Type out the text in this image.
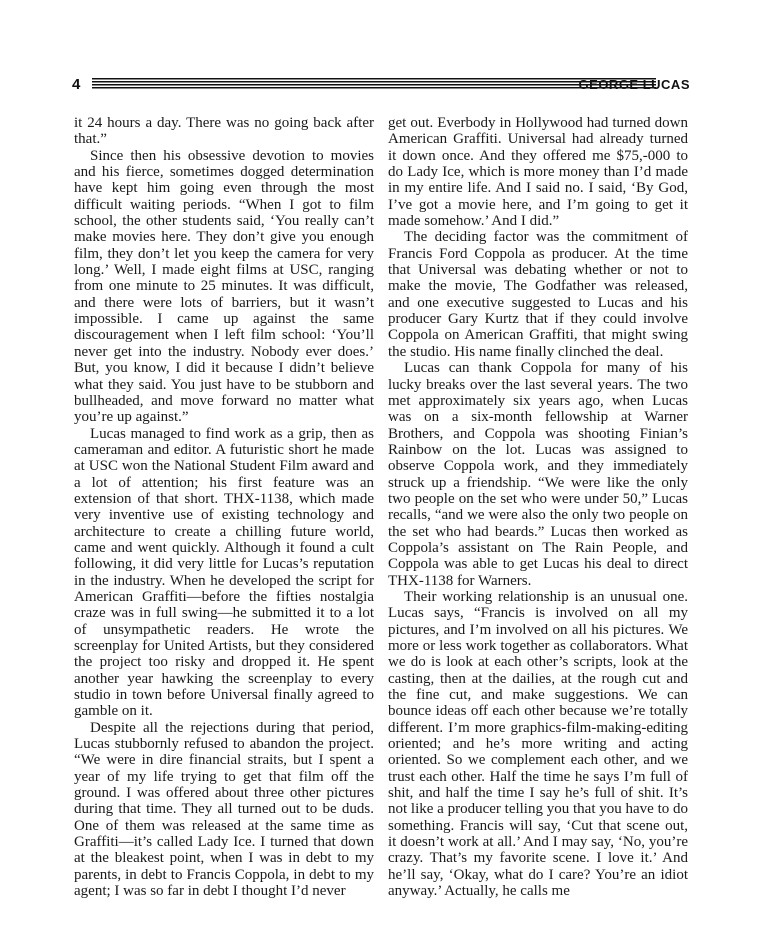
4	GEORGE LUCAS

it 24 hours a day. There was no going back after that.”

Since then his obsessive devotion to movies and his fierce, sometimes dogged determination have kept him going even through the most difficult waiting periods. “When I got to film school, the other students said, ‘You really can’t make movies here. They don’t give you enough film, they don’t let you keep the camera for very long.’ Well, I made eight films at USC, ranging from one minute to 25 minutes. It was difficult, and there were lots of barriers, but it wasn’t impossible. I came up against the same discouragement when I left film school: ‘You’ll never get into the industry. Nobody ever does.’ But, you know, I did it because I didn’t believe what they said. You just have to be stubborn and bullheaded, and move forward no matter what you’re up against.”

Lucas managed to find work as a grip, then as cameraman and editor. A futuristic short he made at USC won the National Student Film award and a lot of attention; his first feature was an extension of that short. THX-1138, which made very inventive use of existing technology and architecture to create a chilling future world, came and went quickly. Although it found a cult following, it did very little for Lucas’s reputation in the industry. When he developed the script for American Graffiti—before the fifties nostalgia craze was in full swing—he submitted it to a lot of unsympathetic readers. He wrote the screenplay for United Artists, but they considered the project too risky and dropped it. He spent another year hawking the screenplay to every studio in town before Universal finally agreed to gamble on it.

Despite all the rejections during that period, Lucas stubbornly refused to abandon the project. “We were in dire financial straits, but I spent a year of my life trying to get that film off the ground. I was offered about three other pictures during that time. They all turned out to be duds. One of them was released at the same time as Graffiti—it’s called Lady Ice. I turned that down at the bleakest point, when I was in debt to my parents, in debt to Francis Coppola, in debt to my agent; I was so far in debt I thought I’d never

get out. Everbody in Hollywood had turned down American Graffiti. Universal had already turned it down once. And they offered me $75,-000 to do Lady Ice, which is more money than I’d made in my entire life. And I said no. I said, ‘By God, I’ve got a movie here, and I’m going to get it made somehow.’ And I did.”

The deciding factor was the commitment of Francis Ford Coppola as producer. At the time that Universal was debating whether or not to make the movie, The Godfather was released, and one executive suggested to Lucas and his producer Gary Kurtz that if they could involve Coppola on American Graffiti, that might swing the studio. His name finally clinched the deal.

Lucas can thank Coppola for many of his lucky breaks over the last several years. The two met approximately six years ago, when Lucas was on a six-month fellowship at Warner Brothers, and Coppola was shooting Finian’s Rainbow on the lot. Lucas was assigned to observe Coppola work, and they immediately struck up a friendship. “We were like the only two people on the set who were under 50,” Lucas recalls, “and we were also the only two people on the set who had beards.” Lucas then worked as Coppola’s assistant on The Rain People, and Coppola was able to get Lucas his deal to direct THX-1138 for Warners.

Their working relationship is an unusual one. Lucas says, “Francis is involved on all my pictures, and I’m involved on all his pictures. We more or less work together as collaborators. What we do is look at each other’s scripts, look at the casting, then at the dailies, at the rough cut and the fine cut, and make suggestions. We can bounce ideas off each other because we’re totally different. I’m more graphics-film-making-editing oriented; and he’s more writing and acting oriented. So we complement each other, and we trust each other. Half the time he says I’m full of shit, and half the time I say he’s full of shit. It’s not like a producer telling you that you have to do something. Francis will say, ‘Cut that scene out, it doesn’t work at all.’ And I may say, ‘No, you’re crazy. That’s my favorite scene. I love it.’ And he’ll say, ‘Okay, what do I care? You’re an idiot anyway.’ Actually, he calls me
